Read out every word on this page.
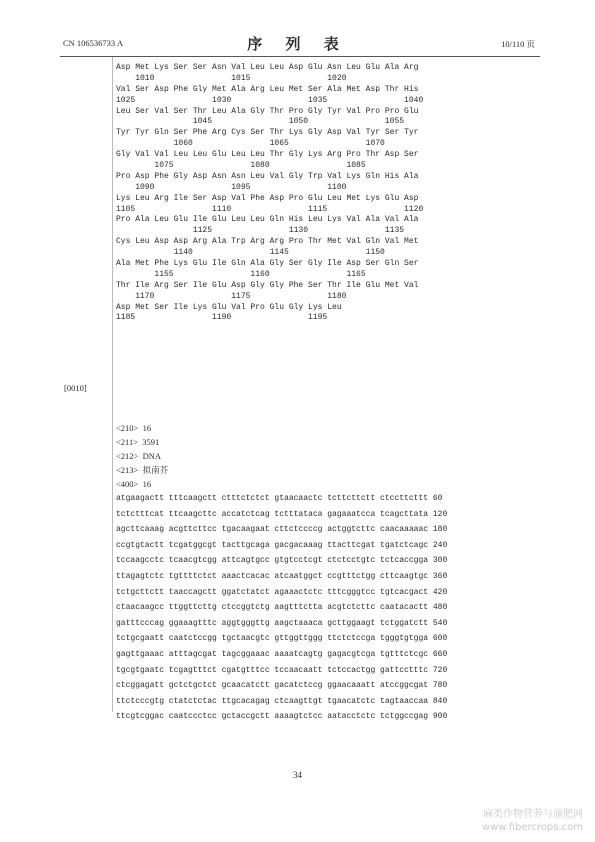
CN 106536733 A	序 列 表	10/110 页
[0010]
Asp Met Lys Ser Ser Asn Val Leu Leu Asp Glu Asn Leu Glu Ala Arg
1010                1015                1020
Val Ser Asp Phe Gly Met Ala Arg Leu Met Ser Ala Met Asp Thr His
1025                1030                1035                1040
Leu Ser Val Ser Thr Leu Ala Gly Thr Pro Gly Tyr Val Pro Pro Glu
1045                1050                1055
Tyr Tyr Gln Ser Phe Arg Cys Ser Thr Lys Gly Asp Val Tyr Ser Tyr
1060                1065                1070
Gly Val Val Leu Leu Glu Leu Leu Thr Gly Lys Arg Pro Thr Asp Ser
1075                1080                1085
Pro Asp Phe Gly Asp Asn Asn Leu Val Gly Trp Val Lys Gln His Ala
1090                1095                1100
Lys Leu Arg Ile Ser Asp Val Phe Asp Pro Glu Leu Met Lys Glu Asp
1105                1110                1115                1120
Pro Ala Leu Glu Ile Glu Leu Leu Gln His Leu Lys Val Ala Val Ala
1125                1130                1135
Cys Leu Asp Asp Arg Ala Trp Arg Arg Pro Thr Met Val Gln Val Met
1140                1145                1150
Ala Met Phe Lys Glu Ile Gln Ala Gly Ser Gly Ile Asp Ser Gln Ser
1155                1160                1165
Thr Ile Arg Ser Ile Glu Asp Gly Gly Phe Ser Thr Ile Glu Met Val
1170                1175                1180
Asp Met Ser Ile Lys Glu Val Pro Glu Gly Lys Leu
1185                1190                1195
<210>  16
<211>  3591
<212>  DNA
<213>  拟南芥
<400>  16
atgaagactt tttcaagctt ctttctctct gtaacaactc tcttcttctt ctccttcttt 60
tctctttcat ttcaagcttc accatctcag tctttataca gagaaatcca tcagcttata 120
agcttcaaag acgttcttcc tgacaagaat cttctccccg actggtcttc caacaaaaac 180
ccgtgtactt tcgatggcgt tacttgcaga gacgacaaag ttacttcgat tgatctcagc 240
tccaagcctc tcaacgtcgg attcagtgcc gtgtcctcgt ctctcctgtc tctcaccgga 300
ttagagtctc tgttttctct aaactcacac atcaatggct ccgtttctgg cttcaagtgc 360
tctgcttctt taaccagctt ggatctatct agaaactctc tttcgggtcc tgtcacgact 420
ctaacaagcc ttggttcttg ctccggtctg aagtttctta acgtctcttc caatacactt 480
gatttcccag ggaaagtttc aggtgggttg aagctaaaca gcttggaagt tctggatctt 540
tctgcgaatt caatctccgg tgctaacgtc gttggttggg ttctctccga tgggtgtgga 600
gagttgaaac atttagcgat tagcggaaac aaaatcagtg gagacgtcga tgtttctcgc 660
tgcgtgaatc tcgagtttct cgatgtttcc tccaacaatt tctccactgg gattcctttc 720
ctcggagatt gctctgctct gcaacatctt gacatctccg ggaacaaatt atccggcgat 780
ttctcccgtg ctatctctac ttgcacagag ctcaagttgt tgaacatctc tagtaaccaa 840
ttcgtcggac caatccctcc gctaccgctt aaaagtctcc aatacctctc tctggccgag 900
34
麻类作物营养与施肥网
www.fibercrops.com
